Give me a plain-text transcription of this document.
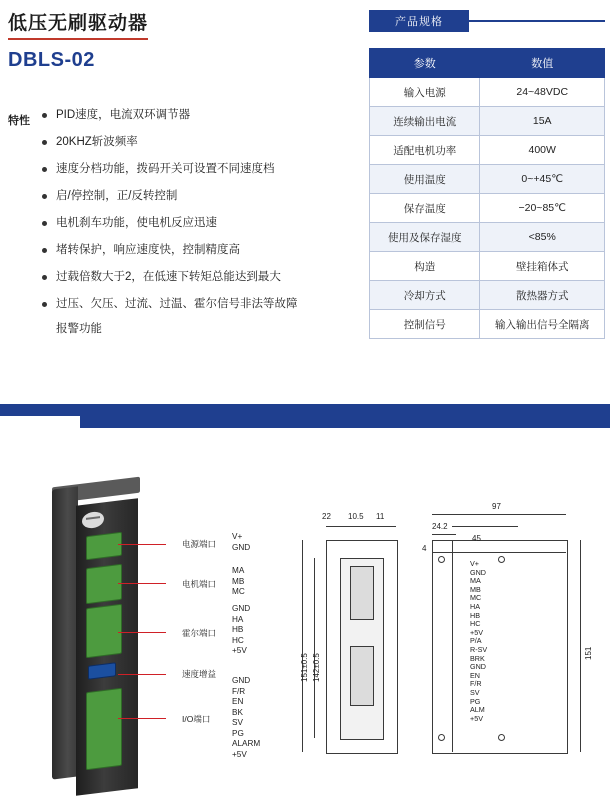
低压无刷驱动器
DBLS-02
特性	PID速度，电流双环调节器
20KHZ斩波频率
速度分档功能，拨码开关可设置不同速度档
启/停控制，正/反转控制
电机刹车功能，使电机反应迅速
堵转保护，响应速度快，控制精度高
过载倍数大于2，在低速下转矩总能达到最大
过压、欠压、过流、过温、霍尔信号非法等故障
报警功能
产品规格
参数	数值
输入电源	24~48VDC
连续输出电流	15A
适配电机功率	400W
使用温度	0~+45℃
保存温度	−20~85℃
使用及保存湿度	<85%
构造	壁挂箱体式
冷却方式	散热器方式
控制信号	输入输出信号全隔离
电源端口
V+
GND
电机端口
MA
MB
MC
霍尔端口
GND
HA
HB
HC
+5V
速度增益
I/O端口
GND
F/R
EN
BK
SV
PG
ALARM
+5V
22 10.5 11
97
24.2
45
4
151±0.5 142±0.5	151
V+
GND
MA
MB
MC
HA
HB
HC
+5V
P/A
R-SV
BRK
GND
EN
F/R
SV
PG
ALM
+5V
